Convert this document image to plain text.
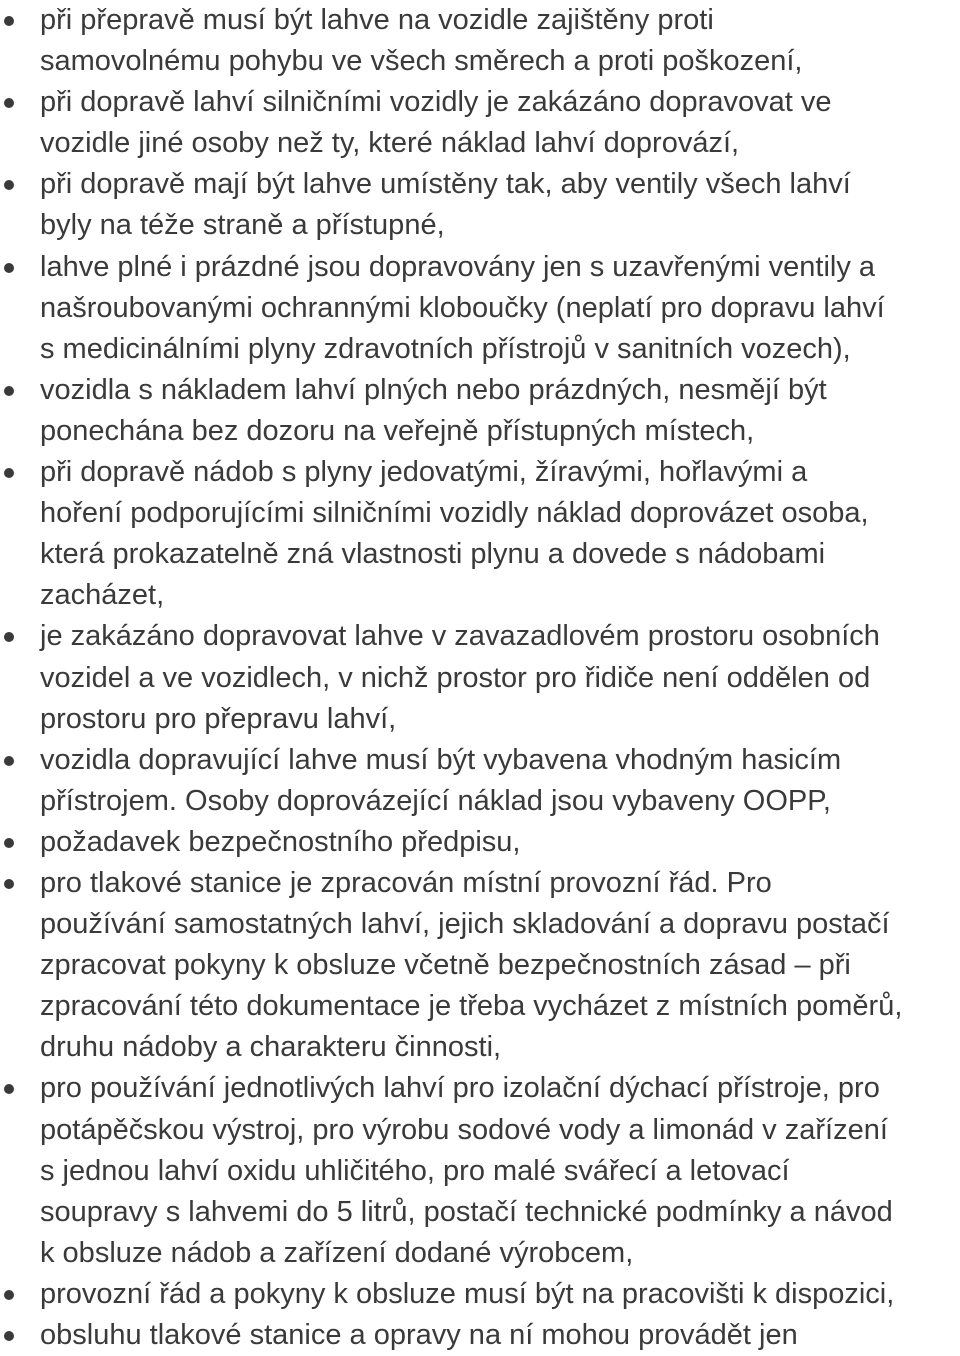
při přepravě musí být lahve na vozidle zajištěny proti
samovolnému pohybu ve všech směrech a proti poškození,
při dopravě lahví silničními vozidly je zakázáno dopravovat ve
vozidle jiné osoby než ty, které náklad lahví doprovází,
při dopravě mají být lahve umístěny tak, aby ventily všech lahví
byly na téže straně a přístupné,
lahve plné i prázdné jsou dopravovány jen s uzavřenými ventily a
našroubovanými ochrannými kloboučky (neplatí pro dopravu lahví
s medicinálními plyny zdravotních přístrojů v sanitních vozech),
vozidla s nákladem lahví plných nebo prázdných, nesmějí být
ponechána bez dozoru na veřejně přístupných místech,
při dopravě nádob s plyny jedovatými, žíravými, hořlavými a
hoření podporujícími silničními vozidly náklad doprovázet osoba,
která prokazatelně zná vlastnosti plynu a dovede s nádobami
zacházet,
je zakázáno dopravovat lahve v zavazadlovém prostoru osobních
vozidel a ve vozidlech, v nichž prostor pro řidiče není oddělen od
prostoru pro přepravu lahví,
vozidla dopravující lahve musí být vybavena vhodným hasicím
přístrojem. Osoby doprovázející náklad jsou vybaveny OOPP,
požadavek bezpečnostního předpisu,
pro tlakové stanice je zpracován místní provozní řád. Pro
používání samostatných lahví, jejich skladování a dopravu postačí
zpracovat pokyny k obsluze včetně bezpečnostních zásad – při
zpracování této dokumentace je třeba vycházet z místních poměrů,
druhu nádoby a charakteru činnosti,
pro používání jednotlivých lahví pro izolační dýchací přístroje, pro
potápěčskou výstroj, pro výrobu sodové vody a limonád v zařízení
s jednou lahví oxidu uhličitého, pro malé svářecí a letovací
soupravy s lahvemi do 5 litrů, postačí technické podmínky a návod
k obsluze nádob a zařízení dodané výrobcem,
provozní řád a pokyny k obsluze musí být na pracovišti k dispozici,
obsluhu tlakové stanice a opravy na ní mohou provádět jen
